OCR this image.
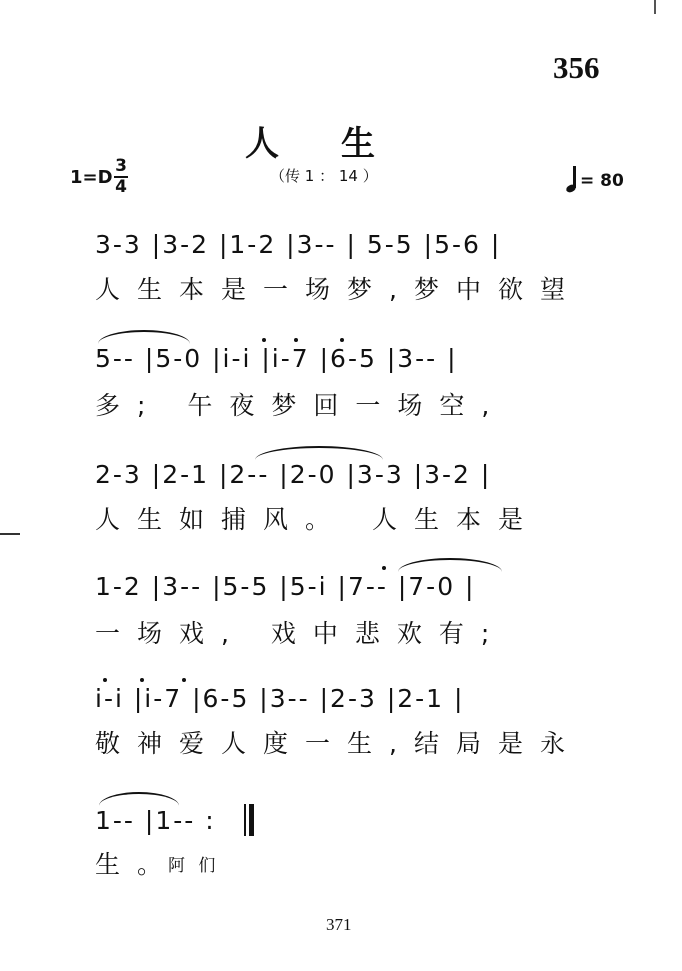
356
人生
1=D
3
4
（传 1 ： 14 ）	= 80
3-3 |3-2 |1-2 |3-- | 5-5 |5-6 |
人生本是一场梦,梦中欲望
5-- |5-0 |i-i |i-7 |6-5 |3-- |
多; 午夜梦回一场空,
2-3 |2-1 |2-- |2-0 |3-3 |3-2 |
人生如捕风。 人生本是
1-2 |3-- |5-5 |5-i |7-- |7-0 |
一场戏, 戏中悲欢有;
i-i |i-7 |6-5 |3-- |2-3 |2-1 |
敬神爱人度一生,结局是永
1-- |1-- :
生。
阿 们
371
